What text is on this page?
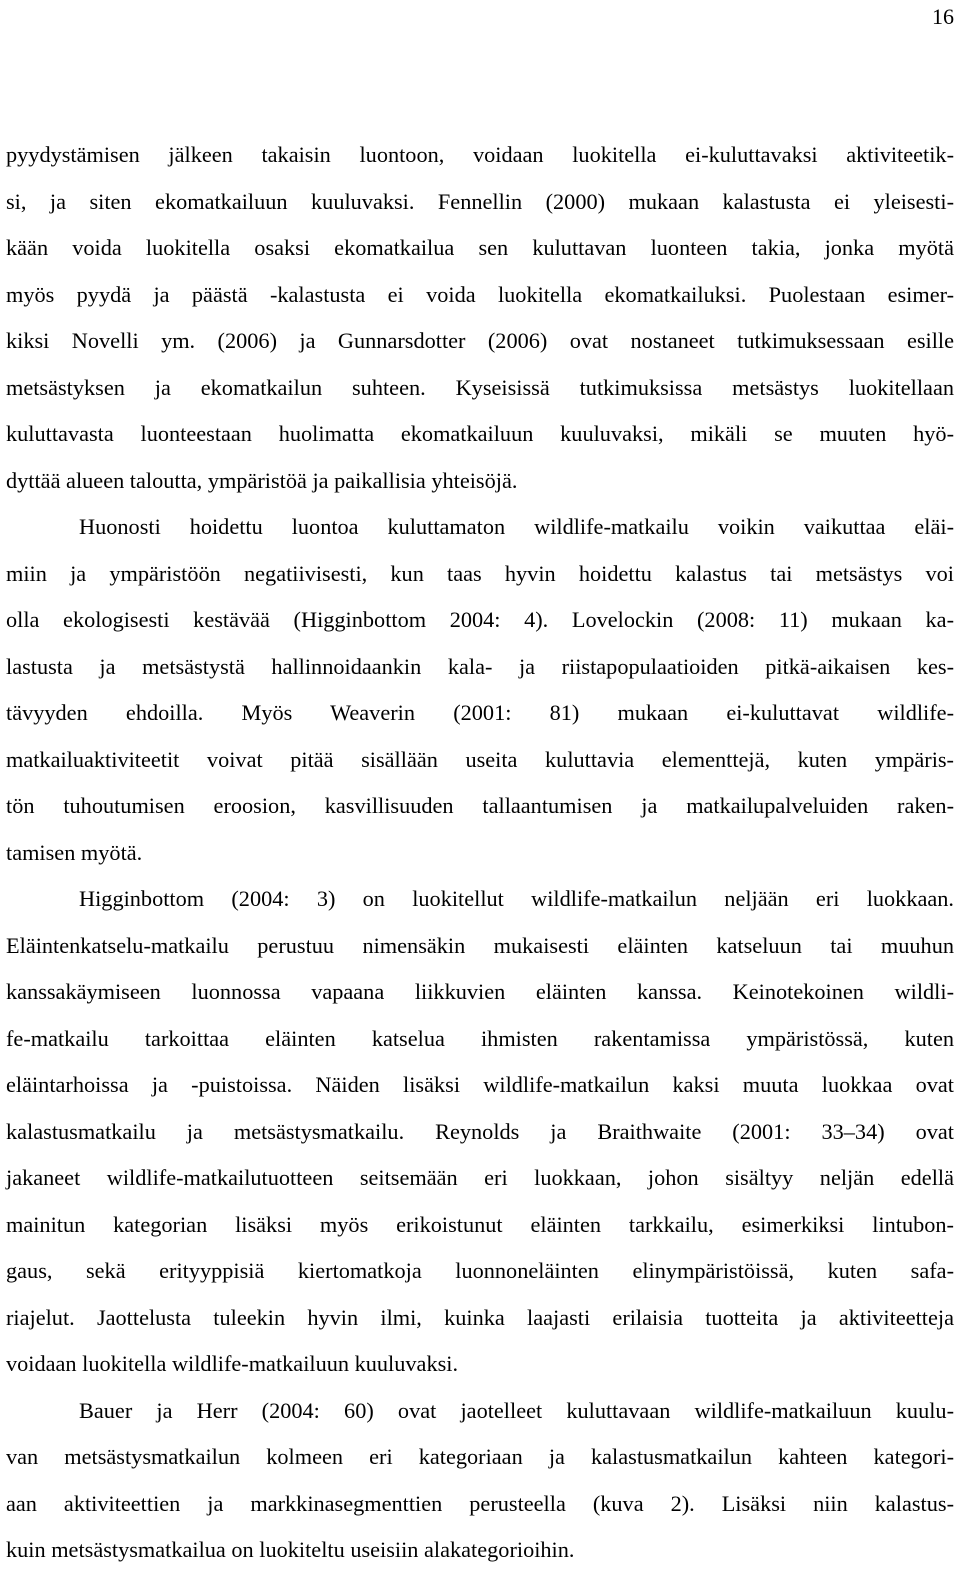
16
pyydystämisen jälkeen takaisin luontoon, voidaan luokitella ei-kuluttavaksi aktiviteetik-
si, ja siten ekomatkailuun kuuluvaksi. Fennellin (2000) mukaan kalastusta ei yleisesti-
kään voida luokitella osaksi ekomatkailua sen kuluttavan luonteen takia, jonka myötä
myös pyydä ja päästä -kalastusta ei voida luokitella ekomatkailuksi. Puolestaan esimer-
kiksi Novelli ym. (2006) ja Gunnarsdotter (2006) ovat nostaneet tutkimuksessaan esille
metsästyksen ja ekomatkailun suhteen. Kyseisissä tutkimuksissa metsästys luokitellaan
kuluttavasta luonteestaan huolimatta ekomatkailuun kuuluvaksi, mikäli se muuten hyö-
dyttää alueen taloutta, ympäristöä ja paikallisia yhteisöjä.
Huonosti hoidettu luontoa kuluttamaton wildlife-matkailu voikin vaikuttaa eläi-
miin ja ympäristöön negatiivisesti, kun taas hyvin hoidettu kalastus tai metsästys voi
olla ekologisesti kestävää (Higginbottom 2004: 4). Lovelockin (2008: 11) mukaan ka-
lastusta ja metsästystä hallinnoidaankin kala- ja riistapopulaatioiden pitkä-aikaisen kes-
tävyyden ehdoilla. Myös Weaverin (2001: 81) mukaan ei-kuluttavat wildlife-
matkailuaktiviteetit voivat pitää sisällään useita kuluttavia elementtejä, kuten ympäris-
tön tuhoutumisen eroosion, kasvillisuuden tallaantumisen ja matkailupalveluiden raken-
tamisen myötä.
Higginbottom (2004: 3) on luokitellut wildlife-matkailun neljään eri luokkaan.
Eläintenkatselu-matkailu perustuu nimensäkin mukaisesti eläinten katseluun tai muuhun
kanssakäymiseen luonnossa vapaana liikkuvien eläinten kanssa. Keinotekoinen wildli-
fe-matkailu tarkoittaa eläinten katselua ihmisten rakentamissa ympäristössä, kuten
eläintarhoissa ja -puistoissa. Näiden lisäksi wildlife-matkailun kaksi muuta luokkaa ovat
kalastusmatkailu ja metsästysmatkailu. Reynolds ja Braithwaite (2001: 33–34) ovat
jakaneet wildlife-matkailutuotteen seitsemään eri luokkaan, johon sisältyy neljän edellä
mainitun kategorian lisäksi myös erikoistunut eläinten tarkkailu, esimerkiksi lintubon-
gaus, sekä erityyppisiä kiertomatkoja luonnoneläinten elinympäristöissä, kuten safa-
riajelut. Jaottelusta tuleekin hyvin ilmi, kuinka laajasti erilaisia tuotteita ja aktiviteetteja
voidaan luokitella wildlife-matkailuun kuuluvaksi.
Bauer ja Herr (2004: 60) ovat jaotelleet kuluttavaan wildlife-matkailuun kuulu-
van metsästysmatkailun kolmeen eri kategoriaan ja kalastusmatkailun kahteen kategori-
aan aktiviteettien ja markkinasegmenttien perusteella (kuva 2). Lisäksi niin kalastus-
kuin metsästysmatkailua on luokiteltu useisiin alakategorioihin.
